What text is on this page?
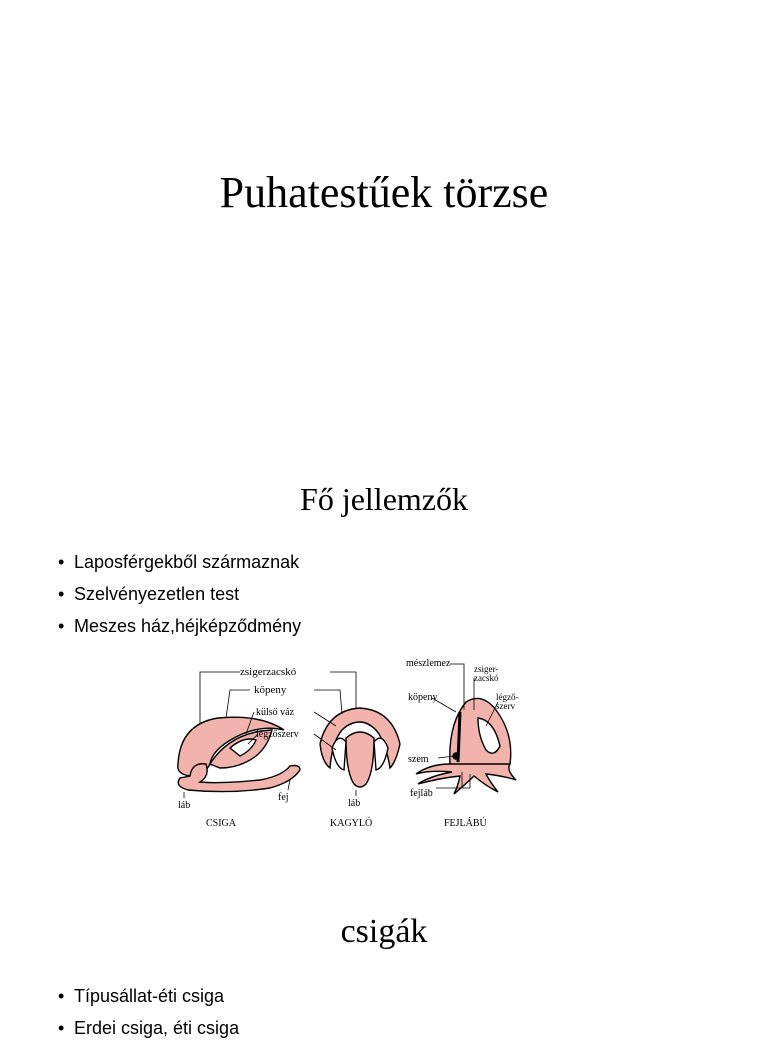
Puhatestűek törzse
Fő jellemzők
• Laposférgekből származnak
• Szelvényezetlen test
• Meszes ház,héjképződmény
zsigerzacskó
köpeny
külső váz
légzőszerv
láb
fej
láb
mészlemez	zsiger-
zacskó
köpeny	légző-
szerv
szem
fejláb
CSIGA	KAGYLÓ	FEJLÁBÚ
csigák
• Típusállat-éti csiga
• Erdei csiga, éti csiga
